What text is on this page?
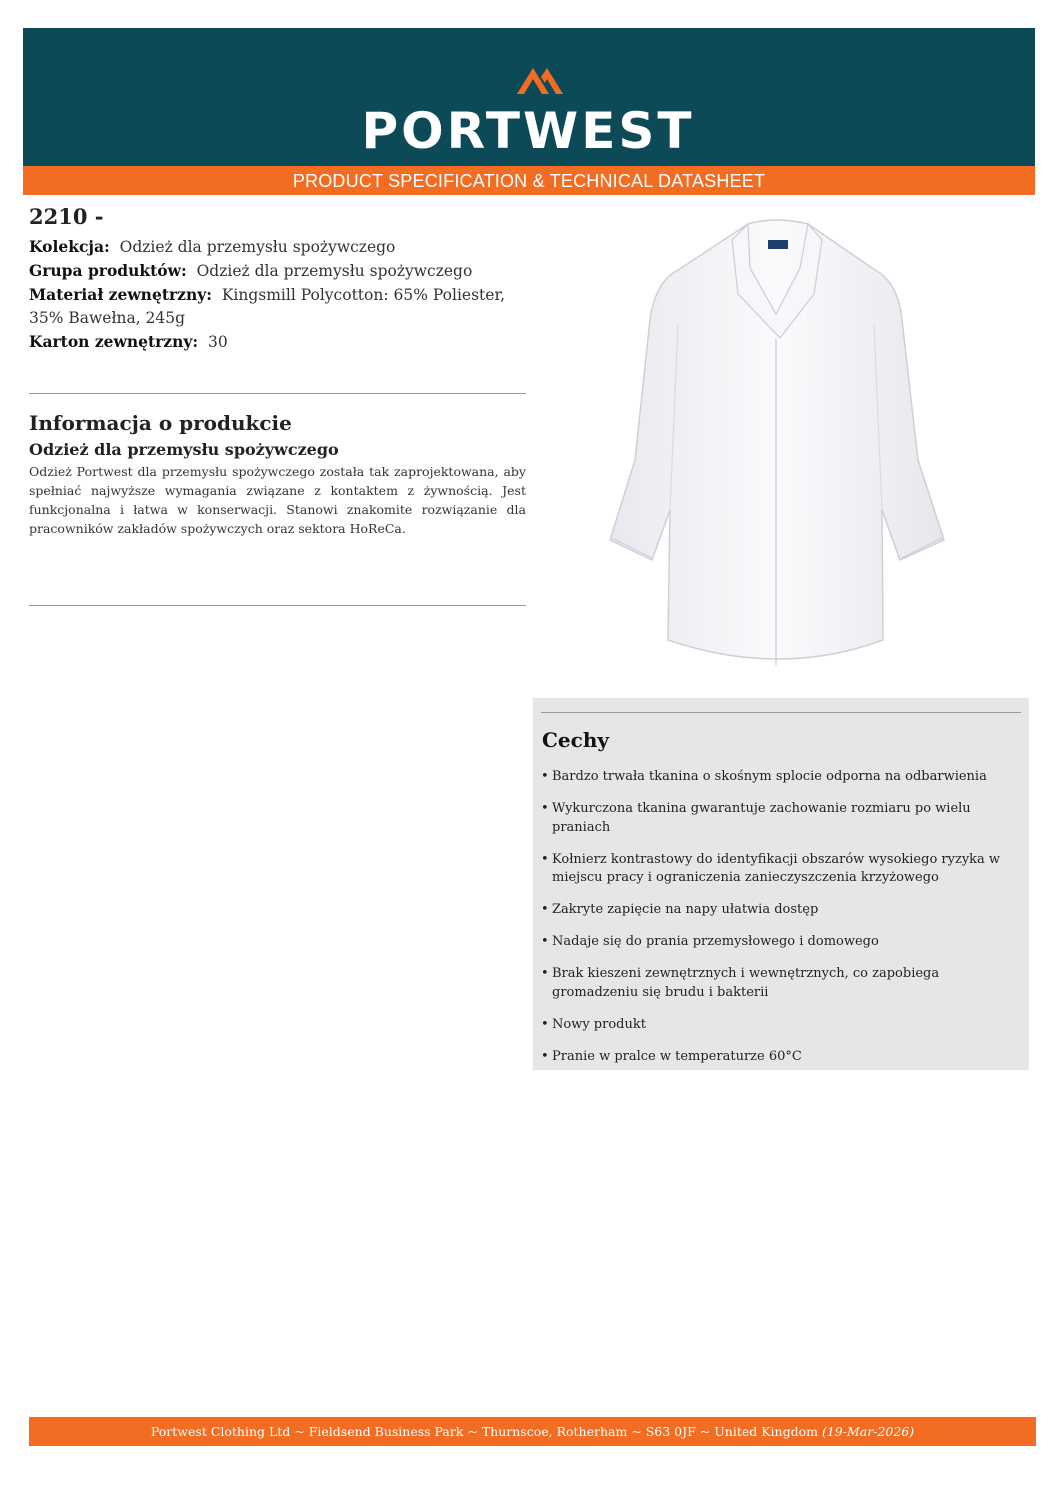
PORTWEST
PRODUCT SPECIFICATION & TECHNICAL DATASHEET
2210 -
Kolekcja: Odzież dla przemysłu spożywczego
Grupa produktów: Odzież dla przemysłu spożywczego
Materiał zewnętrzny: Kingsmill Polycotton: 65% Poliester, 35% Bawełna, 245g
Karton zewnętrzny: 30
Informacja o produkcie
Odzież dla przemysłu spożywczego
Odzież Portwest dla przemysłu spożywczego została tak zaprojektowana, aby spełniać najwyższe wymagania związane z kontaktem z żywnością. Jest funkcjonalna i łatwa w konserwacji. Stanowi znakomite rozwiązanie dla pracowników zakładów spożywczych oraz sektora HoReCa.
Cechy
• Bardzo trwała tkanina o skośnym splocie odporna na odbarwienia
• Wykurczona tkanina gwarantuje zachowanie rozmiaru po wielu praniach
• Kołnierz kontrastowy do identyfikacji obszarów wysokiego ryzyka w miejscu pracy i ograniczenia zanieczyszczenia krzyżowego
• Zakryte zapięcie na napy ułatwia dostęp
• Nadaje się do prania przemysłowego i domowego
• Brak kieszeni zewnętrznych i wewnętrznych, co zapobiega gromadzeniu się brudu i bakterii
• Nowy produkt
• Pranie w pralce w temperaturze 60°C
Portwest Clothing Ltd ~ Fieldsend Business Park ~ Thurnscoe, Rotherham ~ S63 0JF ~ United Kingdom (19-Mar-2026)
